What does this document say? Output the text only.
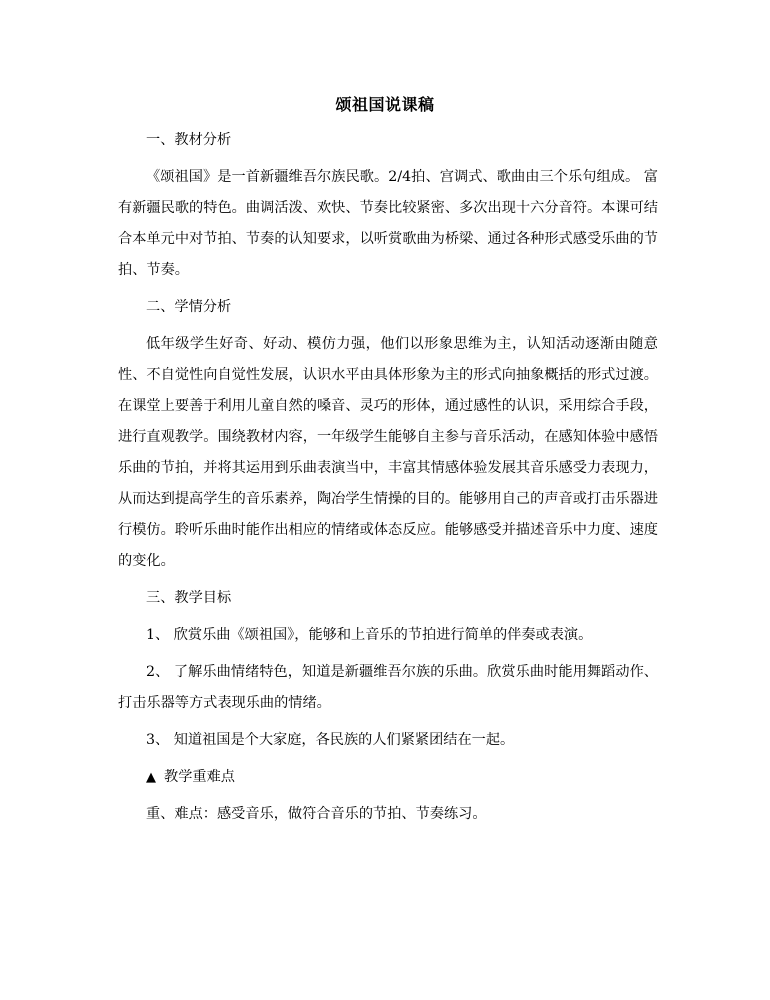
颂祖国说课稿

一、教材分析

《颂祖国》是一首新疆维吾尔族民歌。2/4拍、宫调式、歌曲由三个乐句组成。 富有新疆民歌的特色。曲调活泼、欢快、节奏比较紧密、多次出现十六分音符。本课可结合本单元中对节拍、节奏的认知要求，以听赏歌曲为桥梁、通过各种形式感受乐曲的节拍、节奏。

二、学情分析

低年级学生好奇、好动、模仿力强，他们以形象思维为主，认知活动逐渐由随意性、不自觉性向自觉性发展，认识水平由具体形象为主的形式向抽象概括的形式过渡。在课堂上要善于利用儿童自然的嗓音、灵巧的形体，通过感性的认识，采用综合手段，进行直观教学。围绕教材内容，一年级学生能够自主参与音乐活动，在感知体验中感悟乐曲的节拍，并将其运用到乐曲表演当中，丰富其情感体验发展其音乐感受力表现力，从而达到提高学生的音乐素养，陶冶学生情操的目的。能够用自己的声音或打击乐器进行模仿。聆听乐曲时能作出相应的情绪或体态反应。能够感受并描述音乐中力度、速度的变化。

三、教学目标

1、 欣赏乐曲《颂祖国》，能够和上音乐的节拍进行简单的伴奏或表演。

2、 了解乐曲情绪特色，知道是新疆维吾尔族的乐曲。欣赏乐曲时能用舞蹈动作、打击乐器等方式表现乐曲的情绪。

3、 知道祖国是个大家庭，各民族的人们紧紧团结在一起。

▲ 教学重难点

重、难点：感受音乐，做符合音乐的节拍、节奏练习。
